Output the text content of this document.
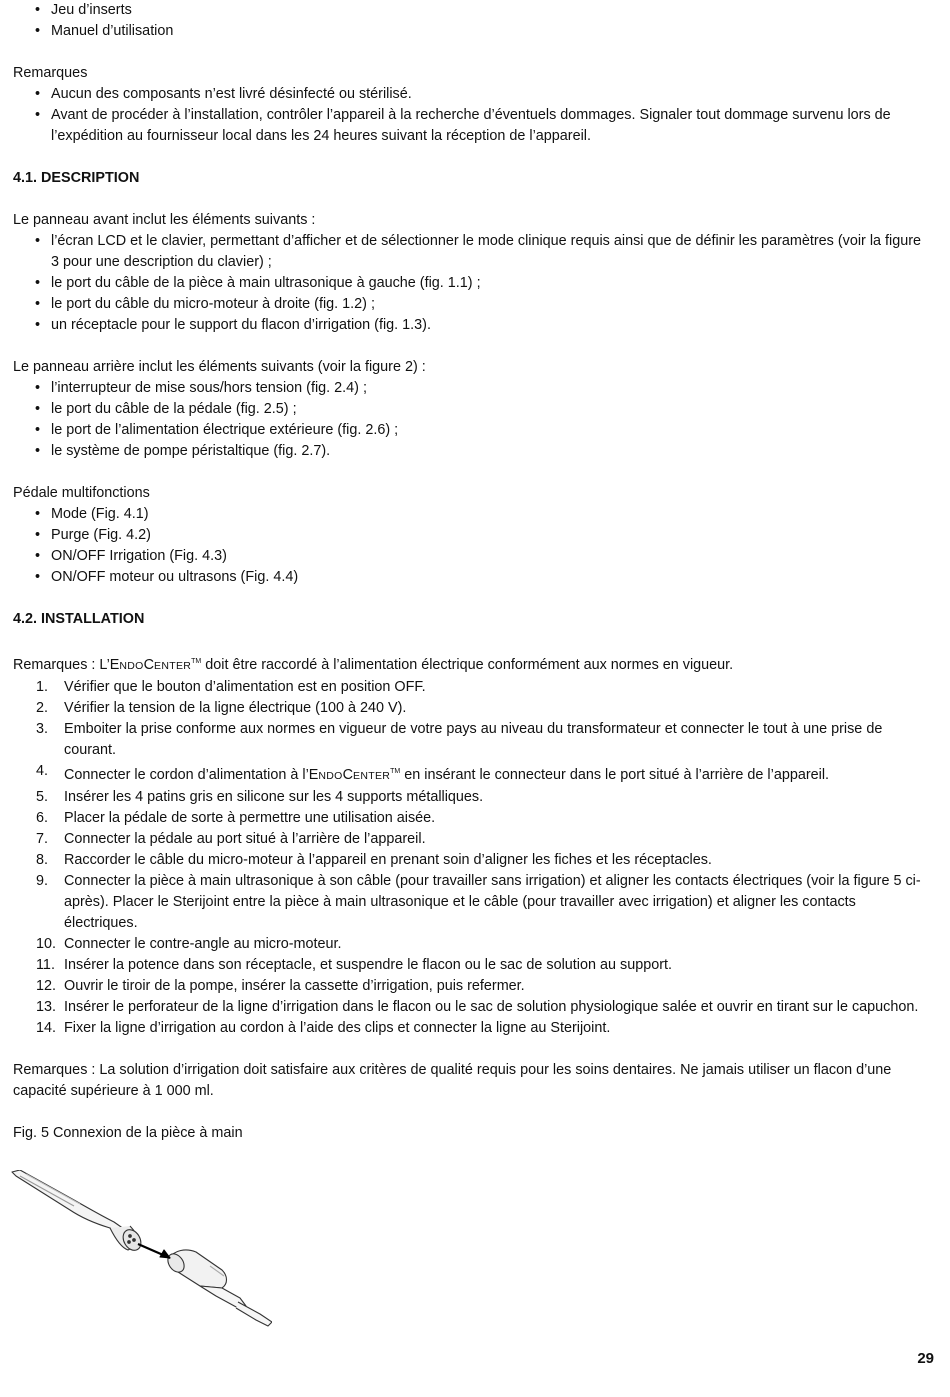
• Jeu d’inserts
• Manuel d’utilisation

Remarques

• Aucun des composants n’est livré désinfecté ou stérilisé.
• Avant de procéder à l’installation, contrôler l’appareil à la recherche d’éventuels dommages. Signaler tout dommage survenu lors de l’expédition au fournisseur local dans les 24 heures suivant la réception de l’appareil.

4.1. DESCRIPTION

Le panneau avant inclut les éléments suivants :

• l’écran LCD et le clavier, permettant d’afficher et de sélectionner le mode clinique requis ainsi que de définir les paramètres (voir la figure 3 pour une description du clavier) ;
• le port du câble de la pièce à main ultrasonique à gauche (fig. 1.1) ;
• le port du câble du micro-moteur à droite (fig. 1.2) ;
• un réceptacle pour le support du flacon d’irrigation (fig. 1.3).

Le panneau arrière inclut les éléments suivants (voir la figure 2) :

• l’interrupteur de mise sous/hors tension (fig. 2.4) ;
• le port du câble de la pédale (fig. 2.5) ;
• le port de l’alimentation électrique extérieure (fig. 2.6) ;
• le système de pompe péristaltique (fig. 2.7).

Pédale multifonctions

• Mode (Fig. 4.1)
• Purge (Fig. 4.2)
• ON/OFF Irrigation (Fig. 4.3)
• ON/OFF moteur ou ultrasons (Fig. 4.4)

4.2. INSTALLATION

Remarques : L’ENDOCENTER™ doit être raccordé à l’alimentation électrique conformément aux normes en vigueur.

1. Vérifier que le bouton d’alimentation est en position OFF.
2. Vérifier la tension de la ligne électrique (100 à 240 V).
3. Emboiter la prise conforme aux normes en vigueur de votre pays au niveau du transformateur et connecter le tout à une prise de courant.
4. Connecter le cordon d’alimentation à l’ENDOCENTER™ en insérant le connecteur dans le port situé à l’arrière de l’appareil.
5. Insérer les 4 patins gris en silicone sur les 4 supports métalliques.
6. Placer la pédale de sorte à permettre une utilisation aisée.
7. Connecter la pédale au port situé à l’arrière de l’appareil.
8. Raccorder le câble du micro-moteur à l’appareil en prenant soin d’aligner les fiches et les réceptacles.
9. Connecter la pièce à main ultrasonique à son câble (pour travailler sans irrigation) et aligner les contacts électriques (voir la figure 5 ci-après). Placer le Sterijoint entre la pièce à main ultrasonique et le câble (pour travailler avec irrigation) et aligner les contacts électriques.
10. Connecter le contre-angle au micro-moteur.
11. Insérer la potence dans son réceptacle, et suspendre le flacon ou le sac de solution au support.
12. Ouvrir le tiroir de la pompe, insérer la cassette d’irrigation, puis refermer.
13. Insérer le perforateur de la ligne d’irrigation dans le flacon ou le sac de solution physiologique salée et ouvrir en tirant sur le capuchon.
14. Fixer la ligne d’irrigation au cordon à l’aide des clips et connecter la ligne au Sterijoint.

Remarques : La solution d’irrigation doit satisfaire aux critères de qualité requis pour les soins dentaires. Ne jamais utiliser un flacon d’une capacité supérieure à 1 000 ml.

Fig. 5 Connexion de la pièce à main

29
